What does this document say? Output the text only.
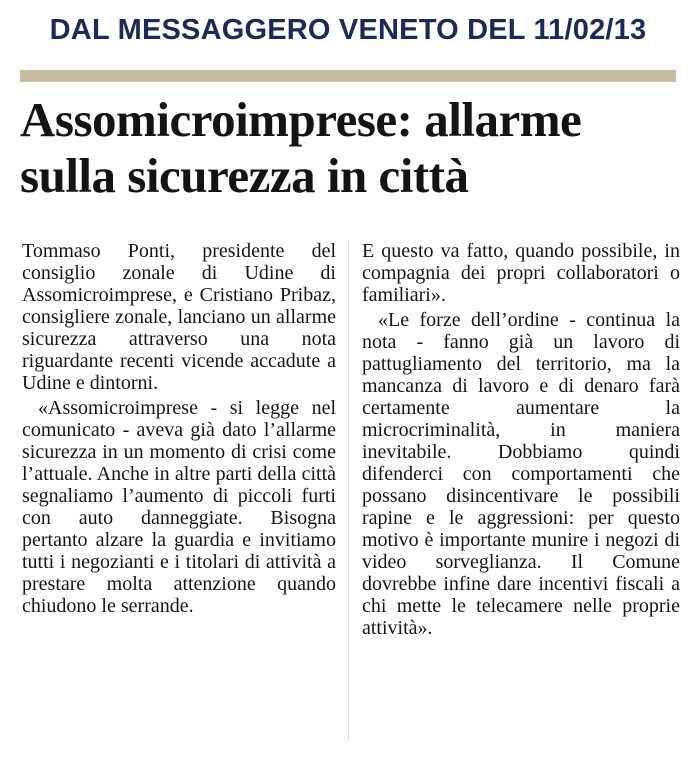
DAL MESSAGGERO VENETO DEL 11/02/13
Assomicroimprese: allarme sulla sicurezza in città

Tommaso Ponti, presidente del consiglio zonale di Udine di Assomicroimprese, e Cristiano Pribaz, consigliere zonale, lanciano un allarme sicurezza attraverso una nota riguardante recenti vicende accadute a Udine e dintorni.

«Assomicroimprese - si legge nel comunicato - aveva già dato l’allarme sicurezza in un momento di crisi come l’attuale. Anche in altre parti della città segnaliamo l’aumento di piccoli furti con auto danneggiate. Bisogna pertanto alzare la guardia e invitiamo tutti i negozianti e i titolari di attività a prestare molta attenzione quando chiudono le serrande.

E questo va fatto, quando possibile, in compagnia dei propri collaboratori o familiari».

«Le forze dell’ordine - continua la nota - fanno già un lavoro di pattugliamento del territorio, ma la mancanza di lavoro e di denaro farà certamente aumentare la microcriminalità, in maniera inevitabile. Dobbiamo quindi difenderci con comportamenti che possano disincentivare le possibili rapine e le aggressioni: per questo motivo è importante munire i negozi di video sorveglianza. Il Comune dovrebbe infine dare incentivi fiscali a chi mette le telecamere nelle proprie attività».
